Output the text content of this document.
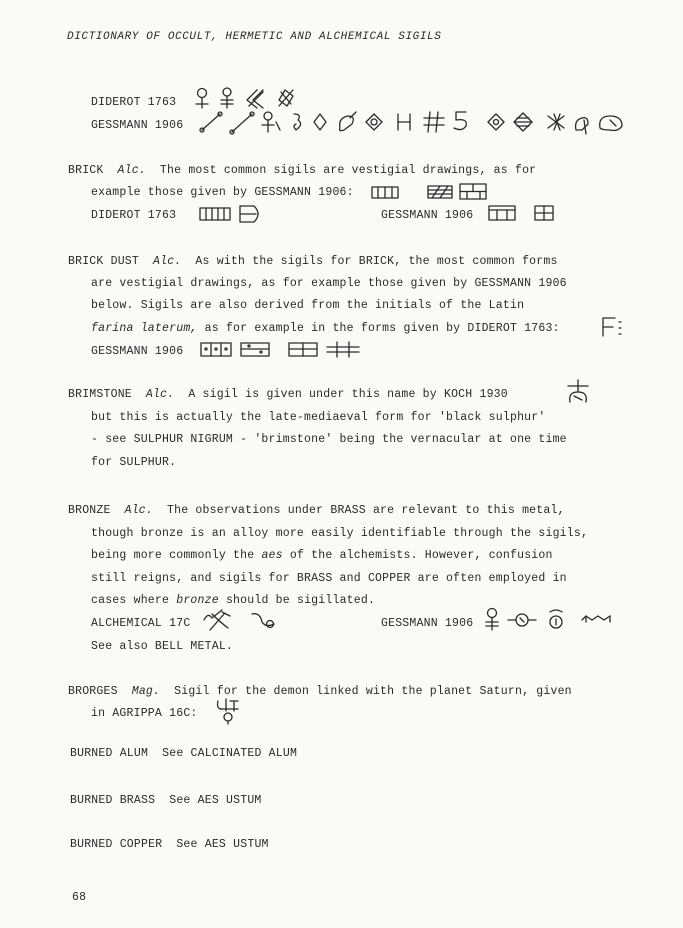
DICTIONARY OF OCCULT, HERMETIC AND ALCHEMICAL SIGILS
DIDEROT 1763
GESSMANN 1906
BRICK Alc. The most common sigils are vestigial drawings, as for
example those given by GESSMANN 1906:
DIDEROT 1763	GESSMANN 1906
BRICK DUST Alc. As with the sigils for BRICK, the most common forms
are vestigial drawings, as for example those given by GESSMANN 1906
below. Sigils are also derived from the initials of the Latin
farina laterum, as for example in the forms given by DIDEROT 1763:
GESSMANN 1906
BRIMSTONE Alc. A sigil is given under this name by KOCH 1930
but this is actually the late-mediaeval form for 'black sulphur'
- see SULPHUR NIGRUM - 'brimstone' being the vernacular at one time
for SULPHUR.
BRONZE Alc. The observations under BRASS are relevant to this metal,
though bronze is an alloy more easily identifiable through the sigils,
being more commonly the aes of the alchemists. However, confusion
still reigns, and sigils for BRASS and COPPER are often employed in
cases where bronze should be sigillated.
ALCHEMICAL 17C	GESSMANN 1906
See also BELL METAL.
BRORGES Mag. Sigil for the demon linked with the planet Saturn, given
in AGRIPPA 16C:
BURNED ALUM See CALCINATED ALUM
BURNED BRASS See AES USTUM
BURNED COPPER See AES USTUM
68
